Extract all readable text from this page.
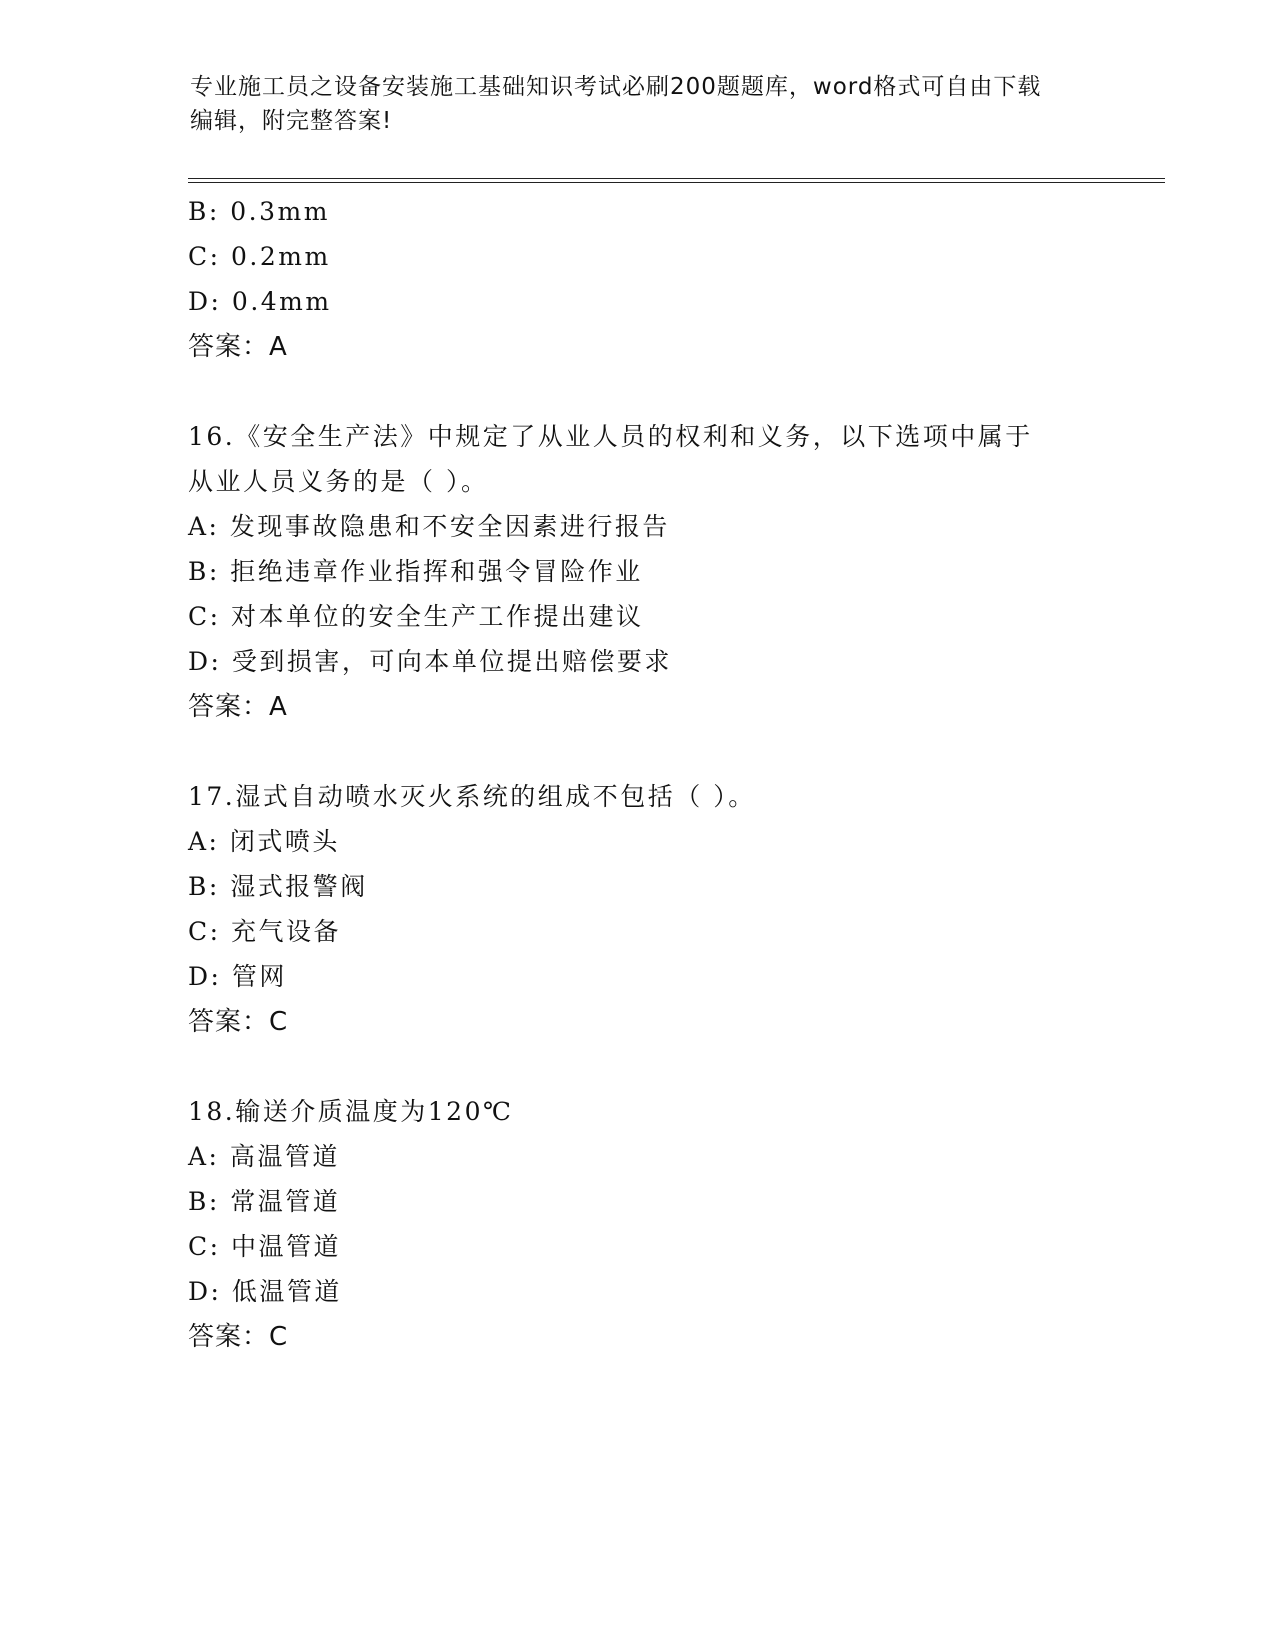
专业施工员之设备安装施工基础知识考试必刷200题题库，word格式可自由下载
编辑，附完整答案!
B: 0.3mm
C: 0.2mm
D: 0.4mm
答案：A
16.《安全生产法》中规定了从业人员的权利和义务，以下选项中属于
从业人员义务的是（ ）。
A: 发现事故隐患和不安全因素进行报告
B: 拒绝违章作业指挥和强令冒险作业
C: 对本单位的安全生产工作提出建议
D: 受到损害，可向本单位提出赔偿要求
答案：A
17.湿式自动喷水灭火系统的组成不包括（ ）。
A: 闭式喷头
B: 湿式报警阀
C: 充气设备
D: 管网
答案：C
18.输送介质温度为120℃
A: 高温管道
B: 常温管道
C: 中温管道
D: 低温管道
答案：C
